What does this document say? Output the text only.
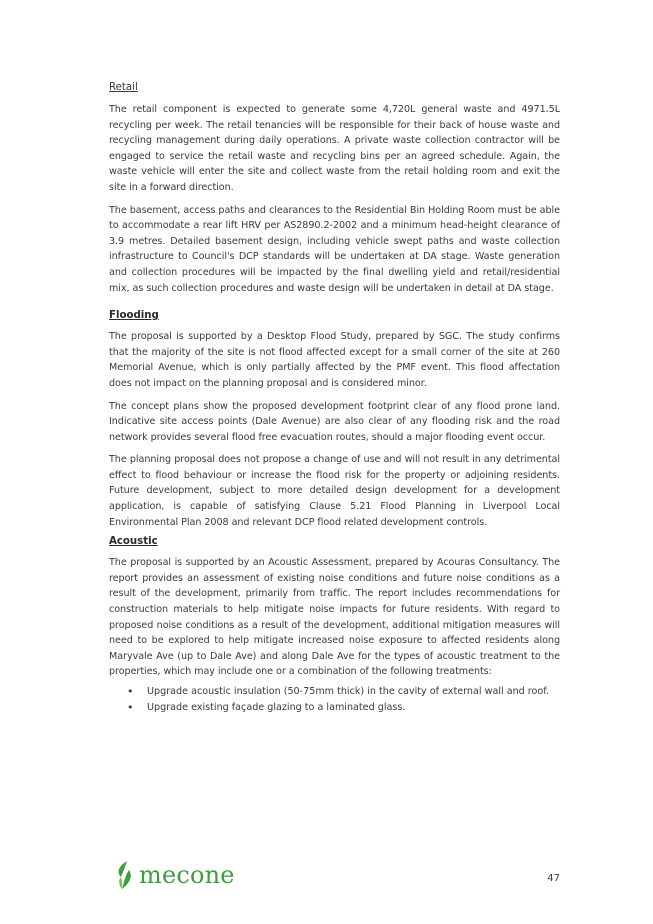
Retail

The retail component is expected to generate some 4,720L general waste and 4971.5L recycling per week. The retail tenancies will be responsible for their back of house waste and recycling management during daily operations. A private waste collection contractor will be engaged to service the retail waste and recycling bins per an agreed schedule. Again, the waste vehicle will enter the site and collect waste from the retail holding room and exit the site in a forward direction.

The basement, access paths and clearances to the Residential Bin Holding Room must be able to accommodate a rear lift HRV per AS2890.2-2002 and a minimum head-height clearance of 3.9 metres. Detailed basement design, including vehicle swept paths and waste collection infrastructure to Council's DCP standards will be undertaken at DA stage. Waste generation and collection procedures will be impacted by the final dwelling yield and retail/residential mix, as such collection procedures and waste design will be undertaken in detail at DA stage.

Flooding

The proposal is supported by a Desktop Flood Study, prepared by SGC. The study confirms that the majority of the site is not flood affected except for a small corner of the site at 260 Memorial Avenue, which is only partially affected by the PMF event. This flood affectation does not impact on the planning proposal and is considered minor.

The concept plans show the proposed development footprint clear of any flood prone land. Indicative site access points (Dale Avenue) are also clear of any flooding risk and the road network provides several flood free evacuation routes, should a major flooding event occur.

The planning proposal does not propose a change of use and will not result in any detrimental effect to flood behaviour or increase the flood risk for the property or adjoining residents. Future development, subject to more detailed design development for a development application, is capable of satisfying Clause 5.21 Flood Planning in Liverpool Local Environmental Plan 2008 and relevant DCP flood related development controls.

Acoustic

The proposal is supported by an Acoustic Assessment, prepared by Acouras Consultancy. The report provides an assessment of existing noise conditions and future noise conditions as a result of the development, primarily from traffic. The report includes recommendations for construction materials to help mitigate noise impacts for future residents. With regard to proposed noise conditions as a result of the development, additional mitigation measures will need to be explored to help mitigate increased noise exposure to affected residents along Maryvale Ave (up to Dale Ave) and along Dale Ave for the types of acoustic treatment to the properties, which may include one or a combination of the following treatments:

• Upgrade acoustic insulation (50-75mm thick) in the cavity of external wall and roof.
• Upgrade existing façade glazing to a laminated glass.
mecone	47
